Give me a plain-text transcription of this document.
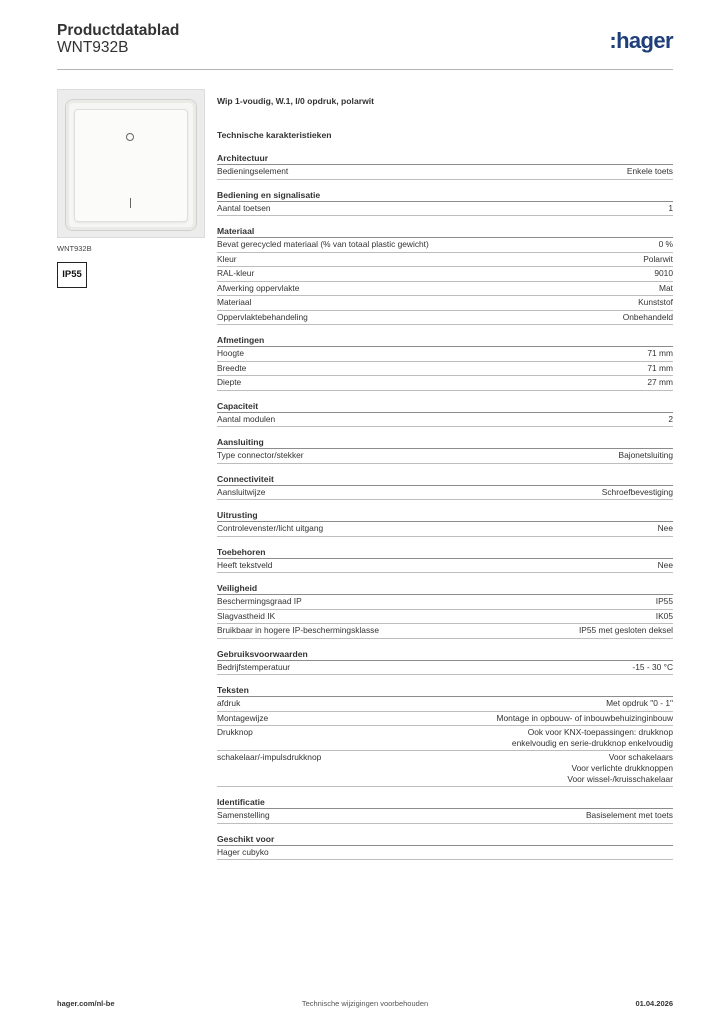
Productdatablad
WNT932B	:hager
WNT932B
IP55
Wip 1-voudig, W.1, I/0 opdruk, polarwit
Technische karakteristieken
Architectuur
Bedieningselement	Enkele toets
Bediening en signalisatie
Aantal toetsen	1
Materiaal
Bevat gerecycled materiaal (% van totaal plastic gewicht)	0 %
Kleur	Polarwit
RAL-kleur	9010
Afwerking oppervlakte	Mat
Materiaal	Kunststof
Oppervlaktebehandeling	Onbehandeld
Afmetingen
Hoogte	71 mm
Breedte	71 mm
Diepte	27 mm
Capaciteit
Aantal modulen	2
Aansluiting
Type connector/stekker	Bajonetsluiting
Connectiviteit
Aansluitwijze	Schroefbevestiging
Uitrusting
Controlevenster/licht uitgang	Nee
Toebehoren
Heeft tekstveld	Nee
Veiligheid
Beschermingsgraad IP	IP55
Slagvastheid IK	IK05
Bruikbaar in hogere IP-beschermingsklasse	IP55 met gesloten deksel
Gebruiksvoorwaarden
Bedrijfstemperatuur	-15 - 30 °C
Teksten
afdruk	Met opdruk "0 - 1"
Montagewijze	Montage in opbouw- of inbouwbehuizinginbouw
Drukknop	Ook voor KNX-toepassingen: drukknop
enkelvoudig en serie-drukknop enkelvoudig
schakelaar/-impulsdrukknop	Voor schakelaars
Voor verlichte drukknoppen
Voor wissel-/kruisschakelaar
Identificatie
Samenstelling	Basiselement met toets
Geschikt voor
Hager cubyko
hager.com/nl-be	Technische wijzigingen voorbehouden	01.04.2026
